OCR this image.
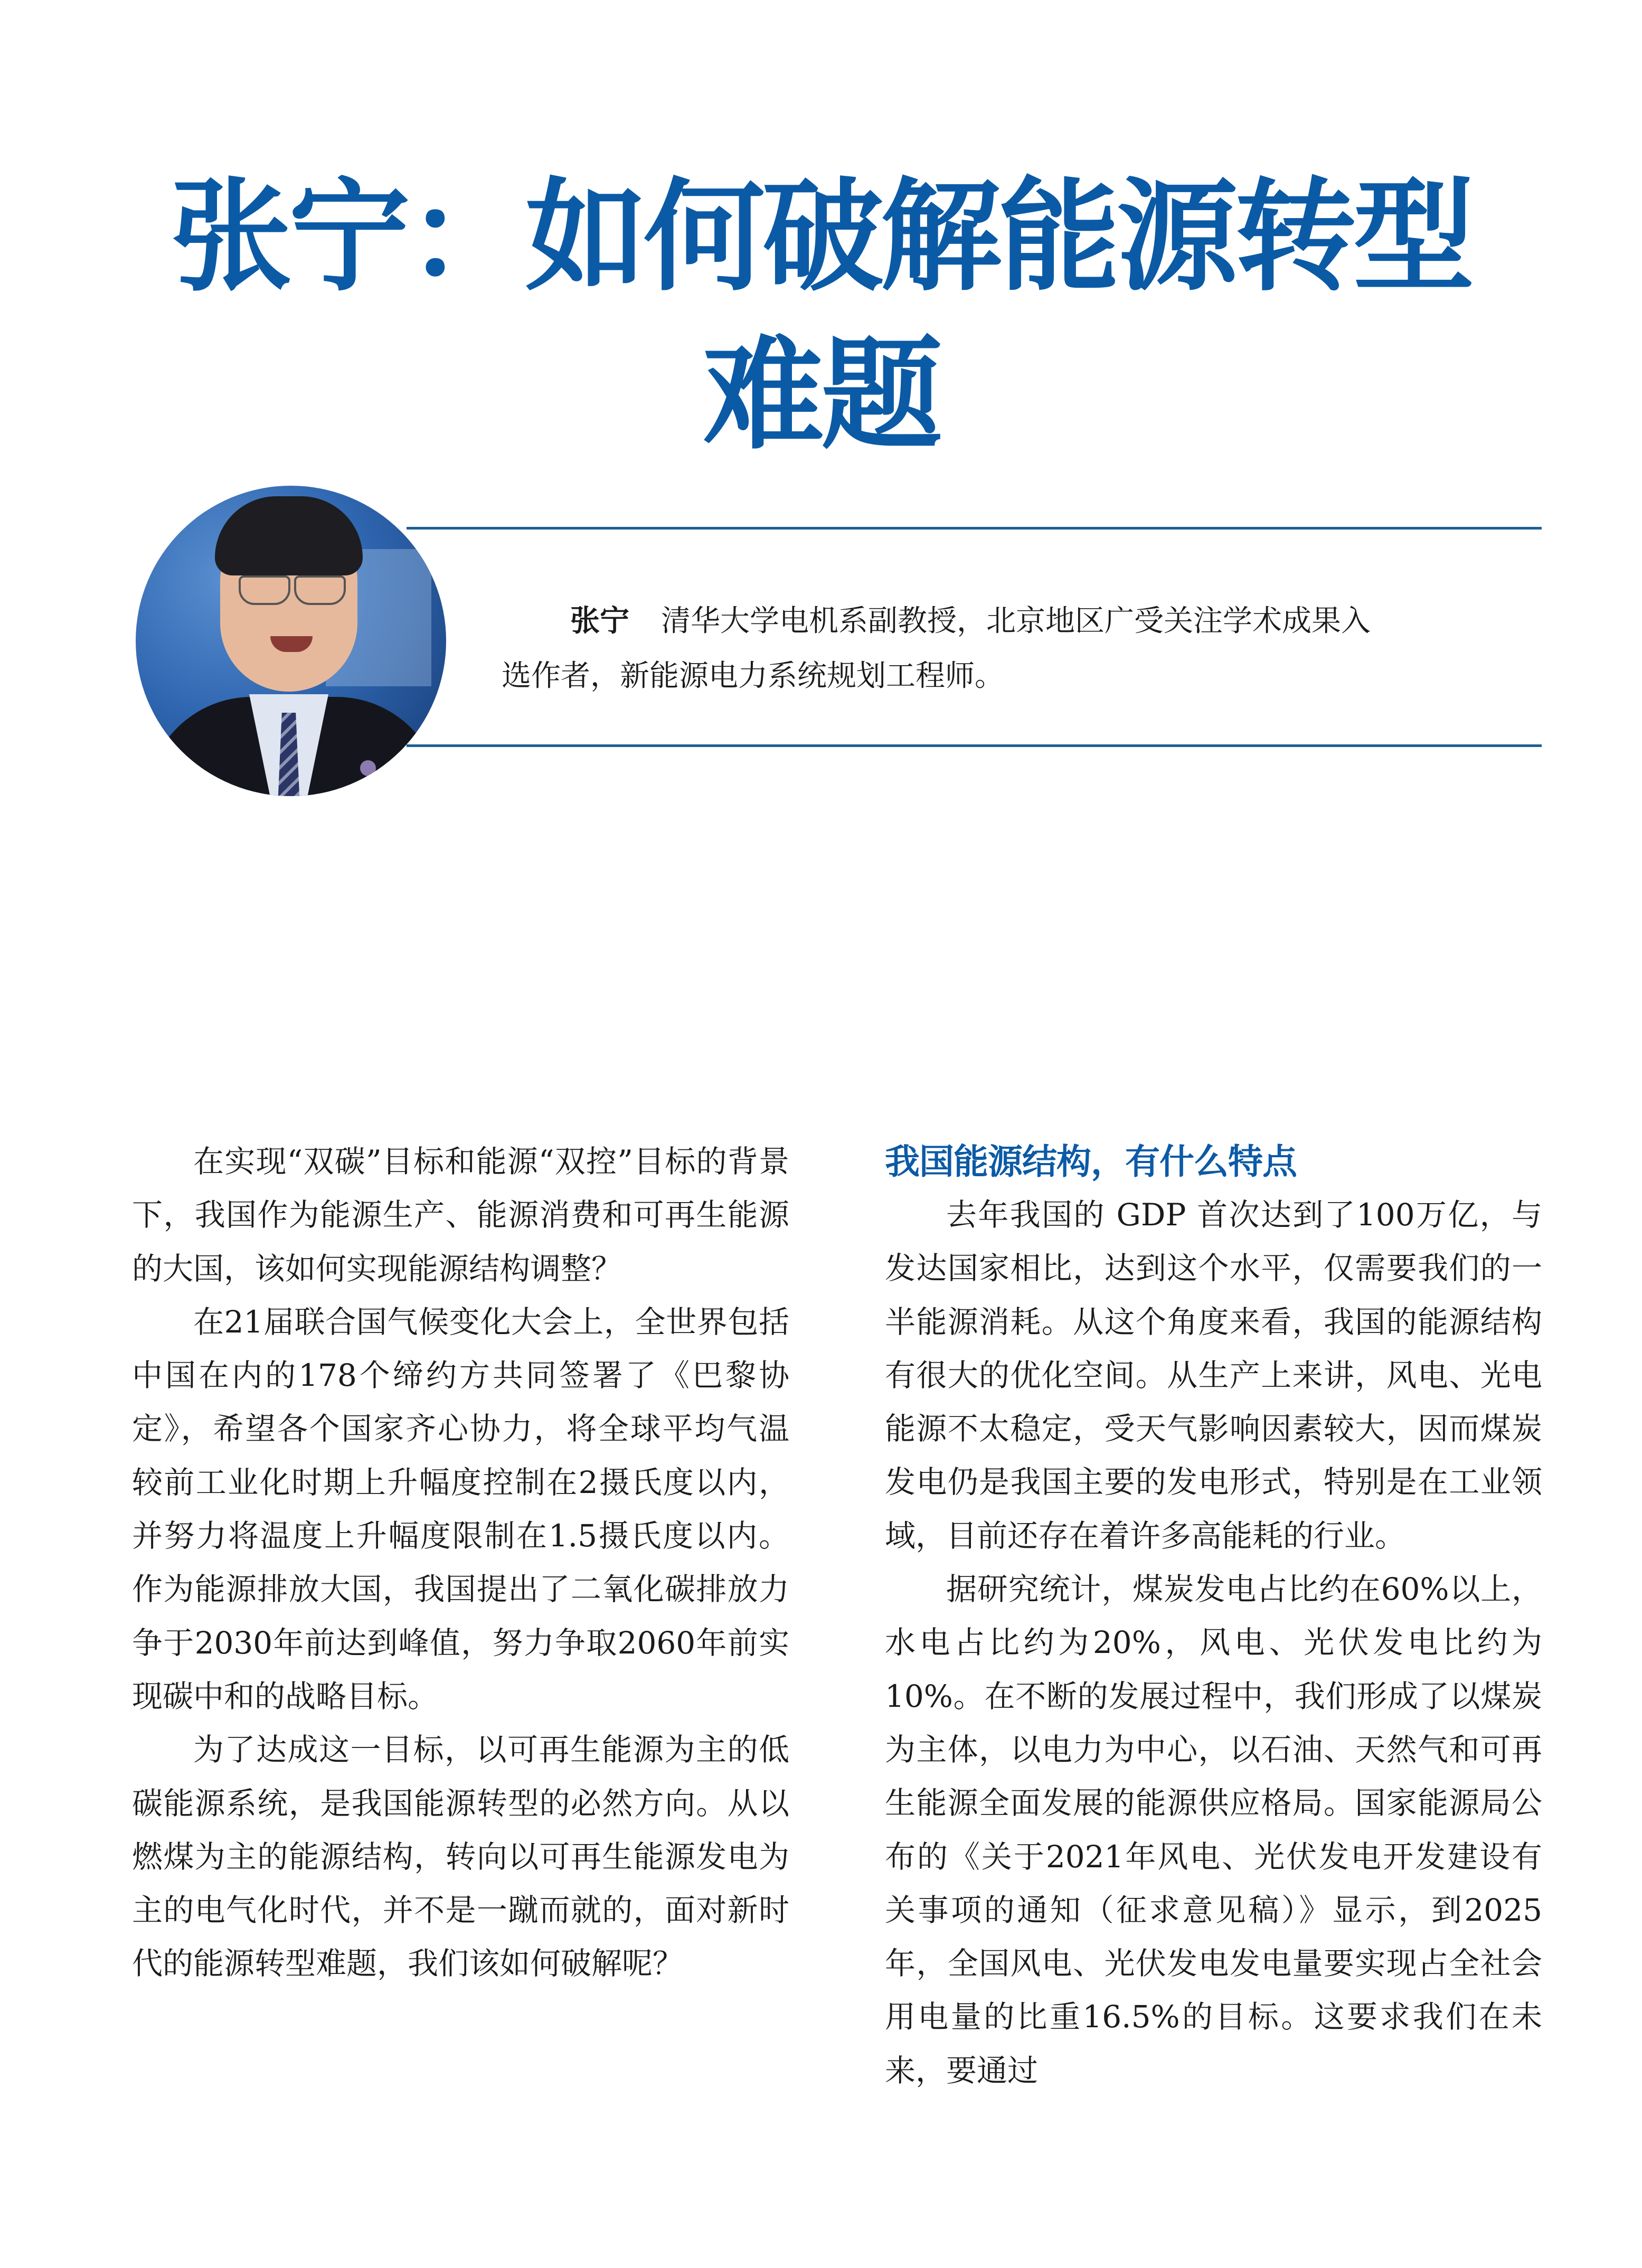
张宁：如何破解能源转型
难题
张宁 清华大学电机系副教授，北京地区广受关注学术成果入
选作者，新能源电力系统规划工程师。

在实现“双碳”目标和能源“双控”目标的背景下，我国作为能源生产、能源消费和可再生能源的大国，该如何实现能源结构调整？

在21届联合国气候变化大会上，全世界包括中国在内的178个缔约方共同签署了《巴黎协定》，希望各个国家齐心协力，将全球平均气温较前工业化时期上升幅度控制在2摄氏度以内，并努力将温度上升幅度限制在1.5摄氏度以内。作为能源排放大国，我国提出了二氧化碳排放力争于2030年前达到峰值，努力争取2060年前实现碳中和的战略目标。

为了达成这一目标，以可再生能源为主的低碳能源系统，是我国能源转型的必然方向。从以燃煤为主的能源结构，转向以可再生能源发电为主的电气化时代，并不是一蹴而就的，面对新时代的能源转型难题，我们该如何破解呢？

我国能源结构，有什么特点

去年我国的 GDP 首次达到了100万亿，与发达国家相比，达到这个水平，仅需要我们的一半能源消耗。从这个角度来看，我国的能源结构有很大的优化空间。从生产上来讲，风电、光电能源不太稳定，受天气影响因素较大，因而煤炭发电仍是我国主要的发电形式，特别是在工业领域，目前还存在着许多高能耗的行业。

据研究统计，煤炭发电占比约在60%以上，水电占比约为20%，风电、光伏发电比约为10%。在不断的发展过程中，我们形成了以煤炭为主体，以电力为中心，以石油、天然气和可再生能源全面发展的能源供应格局。国家能源局公布的《关于2021年风电、光伏发电开发建设有关事项的通知（征求意见稿）》显示，到2025年，全国风电、光伏发电发电量要实现占全社会用电量的比重16.5%的目标。这要求我们在未来，要通过
